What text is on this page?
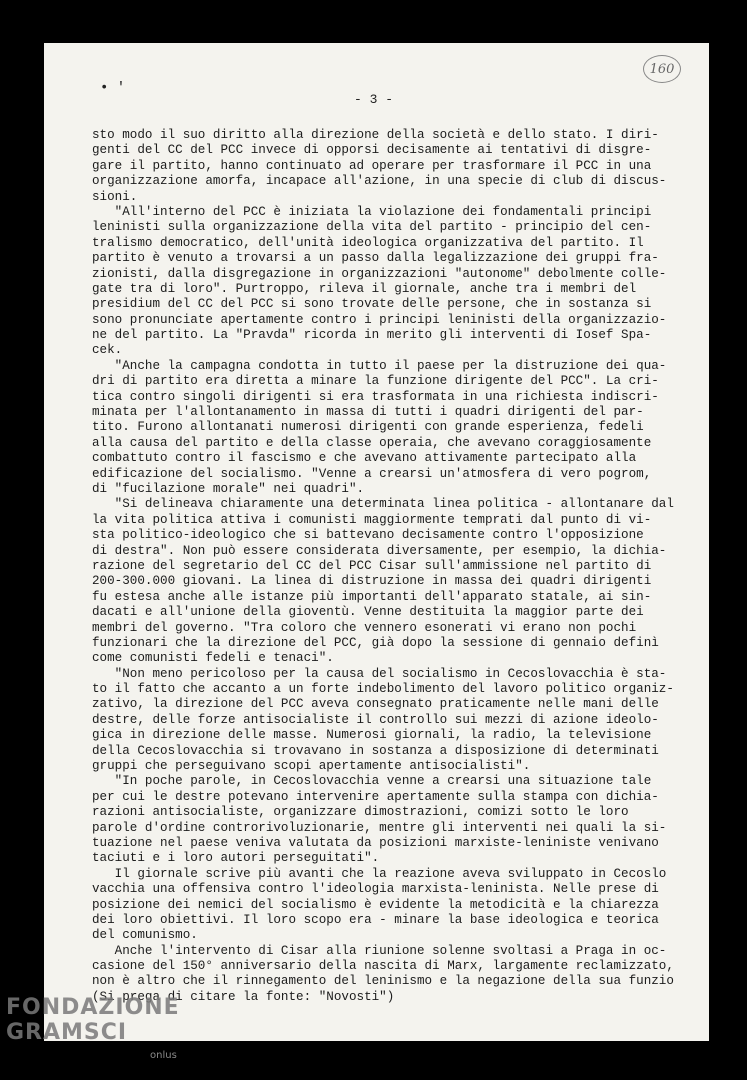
• '
160
- 3 -
sto modo il suo diritto alla direzione della società e dello stato. I diri-
genti del CC del PCC invece di opporsi decisamente ai tentativi di disgre-
gare il partito, hanno continuato ad operare per trasformare il PCC in una
organizzazione amorfa, incapace all'azione, in una specie di club di discus-
sioni.
"All'interno del PCC è iniziata la violazione dei fondamentali principi
leninisti sulla organizzazione della vita del partito - principio del cen-
tralismo democratico, dell'unità ideologica organizzativa del partito. Il
partito è venuto a trovarsi a un passo dalla legalizzazione dei gruppi fra-
zionisti, dalla disgregazione in organizzazioni "autonome" debolmente colle-
gate tra di loro". Purtroppo, rileva il giornale, anche tra i membri del
presidium del CC del PCC si sono trovate delle persone, che in sostanza si
sono pronunciate apertamente contro i principi leninisti della organizzazio-
ne del partito. La "Pravda" ricorda in merito gli interventi di Iosef Spa-
cek.
"Anche la campagna condotta in tutto il paese per la distruzione dei qua-
dri di partito era diretta a minare la funzione dirigente del PCC". La cri-
tica contro singoli dirigenti si era trasformata in una richiesta indiscri-
minata per l'allontanamento in massa di tutti i quadri dirigenti del par-
tito. Furono allontanati numerosi dirigenti con grande esperienza, fedeli
alla causa del partito e della classe operaia, che avevano coraggiosamente
combattuto contro il fascismo e che avevano attivamente partecipato alla
edificazione del socialismo. "Venne a crearsi un'atmosfera di vero pogrom,
di "fucilazione morale" nei quadri".
"Si delineava chiaramente una determinata linea politica - allontanare dal
la vita politica attiva i comunisti maggiormente temprati dal punto di vi-
sta politico-ideologico che si battevano decisamente contro l'opposizione
di destra". Non può essere considerata diversamente, per esempio, la dichia-
razione del segretario del CC del PCC Cisar sull'ammissione nel partito di
200-300.000 giovani. La linea di distruzione in massa dei quadri dirigenti
fu estesa anche alle istanze più importanti dell'apparato statale, ai sin-
dacati e all'unione della gioventù. Venne destituita la maggior parte dei
membri del governo. "Tra coloro che vennero esonerati vi erano non pochi
funzionari che la direzione del PCC, già dopo la sessione di gennaio definì
come comunisti fedeli e tenaci".
"Non meno pericoloso per la causa del socialismo in Cecoslovacchia è sta-
to il fatto che accanto a un forte indebolimento del lavoro politico organiz-
zativo, la direzione del PCC aveva consegnato praticamente nelle mani delle
destre, delle forze antisocialiste il controllo sui mezzi di azione ideolo-
gica in direzione delle masse. Numerosi giornali, la radio, la televisione
della Cecoslovacchia si trovavano in sostanza a disposizione di determinati
gruppi che perseguivano scopi apertamente antisocialisti".
"In poche parole, in Cecoslovacchia venne a crearsi una situazione tale
per cui le destre potevano intervenire apertamente sulla stampa con dichia-
razioni antisocialiste, organizzare dimostrazioni, comizi sotto le loro
parole d'ordine controrivoluzionarie, mentre gli interventi nei quali la si-
tuazione nel paese veniva valutata da posizioni marxiste-leniniste venivano
taciuti e i loro autori perseguitati".
Il giornale scrive più avanti che la reazione aveva sviluppato in Cecoslo
vacchia una offensiva contro l'ideologia marxista-leninista. Nelle prese di
posizione dei nemici del socialismo è evidente la metodicità e la chiarezza
dei loro obiettivi. Il loro scopo era - minare la base ideologica e teorica
del comunismo.
Anche l'intervento di Cisar alla riunione solenne svoltasi a Praga in oc-
casione del 150° anniversario della nascita di Marx, largamente reclamizzato,
non è altro che il rinnegamento del leninismo e la negazione della sua funzio
(Si prega di citare la fonte: "Novosti")
FONDAZIONE
GRAMSCI
onlus
